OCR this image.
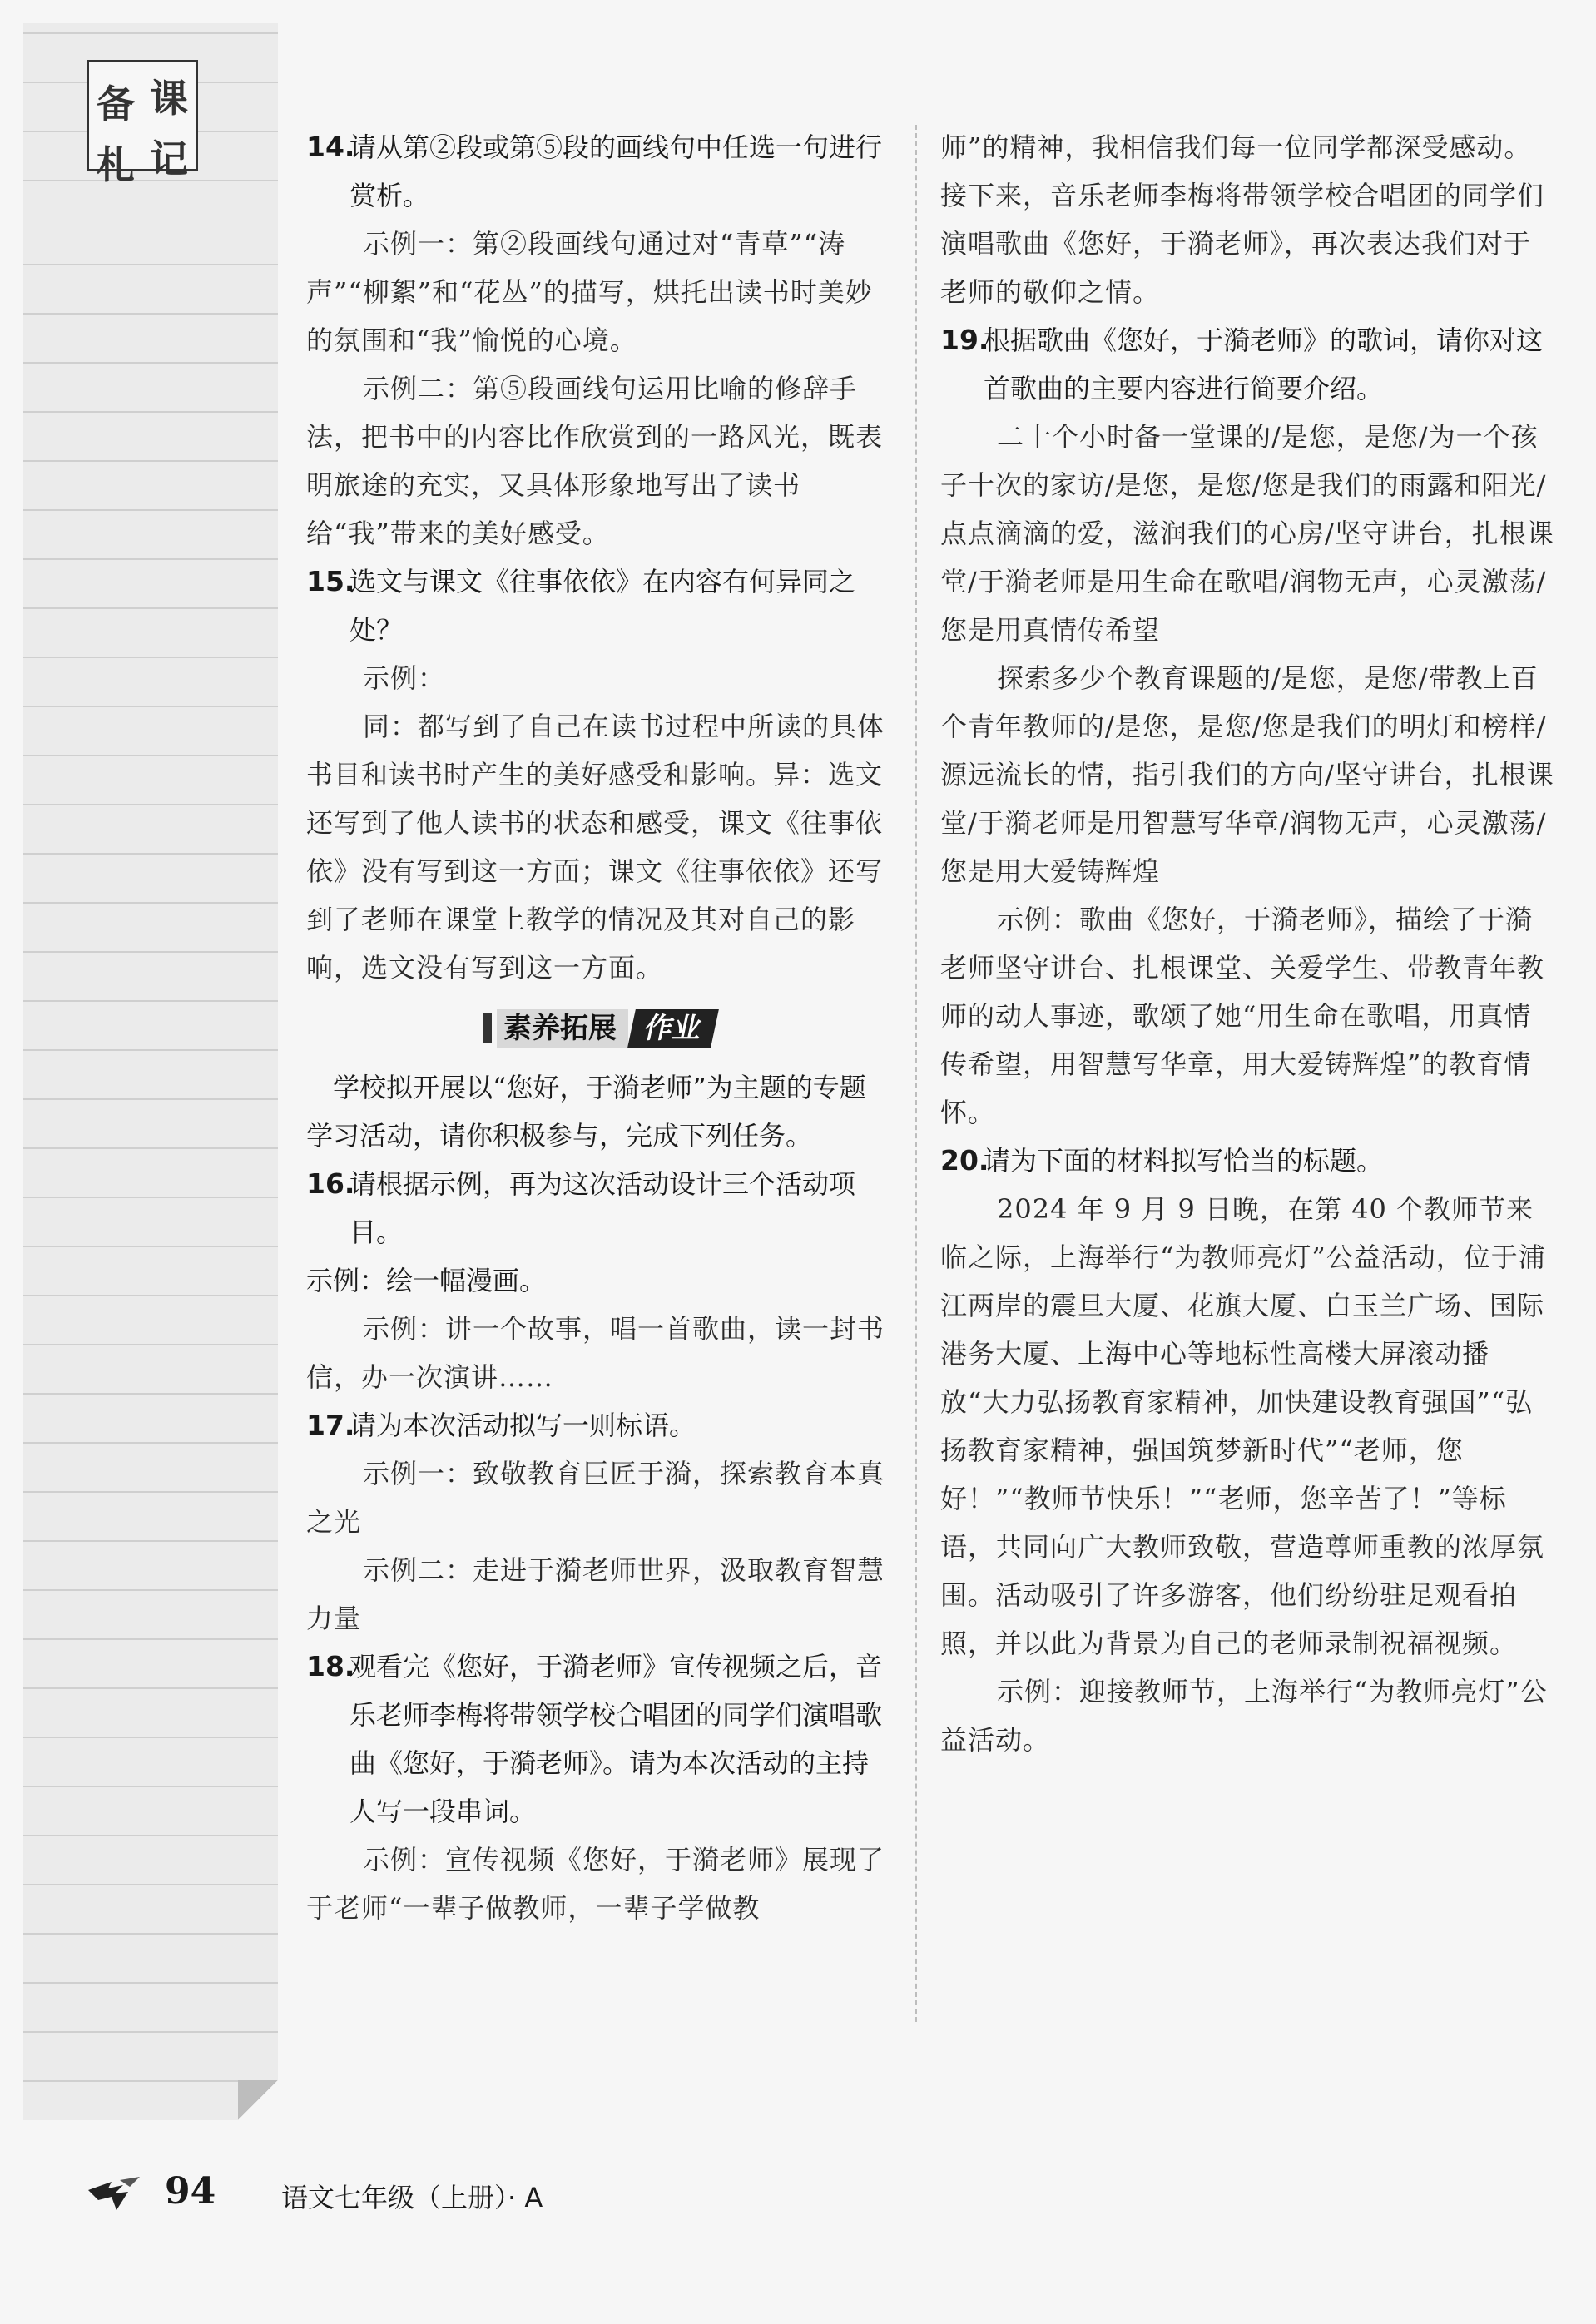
备 课
札 记	14.
请从第②段或第⑤段的画线句中任选一句进行赏析。

示例一：第②段画线句通过对“青草”“涛声”“柳絮”和“花丛”的描写，烘托出读书时美妙的氛围和“我”愉悦的心境。

示例二：第⑤段画线句运用比喻的修辞手法，把书中的内容比作欣赏到的一路风光，既表明旅途的充实，又具体形象地写出了读书给“我”带来的美好感受。

15.
选文与课文《往事依依》在内容有何异同之处？

示例：

同：都写到了自己在读书过程中所读的具体书目和读书时产生的美好感受和影响。异：选文还写到了他人读书的状态和感受，课文《往事依依》没有写到这一方面；课文《往事依依》还写到了老师在课堂上教学的情况及其对自己的影响，选文没有写到这一方面。

素养拓展 作业

学校拟开展以“您好，于漪老师”为主题的专题学习活动，请你积极参与，完成下列任务。

16.
请根据示例，再为这次活动设计三个活动项目。

示例：绘一幅漫画。

示例：讲一个故事，唱一首歌曲，读一封书信，办一次演讲……

17.
请为本次活动拟写一则标语。

示例一：致敬教育巨匠于漪，探索教育本真之光

示例二：走进于漪老师世界，汲取教育智慧力量

18.
观看完《您好，于漪老师》宣传视频之后，音乐老师李梅将带领学校合唱团的同学们演唱歌曲《您好，于漪老师》。请为本次活动的主持人写一段串词。

示例：宣传视频《您好，于漪老师》展现了于老师“一辈子做教师，一辈子学做教

师”的精神，我相信我们每一位同学都深受感动。接下来，音乐老师李梅将带领学校合唱团的同学们演唱歌曲《您好，于漪老师》，再次表达我们对于老师的敬仰之情。

19.
根据歌曲《您好，于漪老师》的歌词，请你对这首歌曲的主要内容进行简要介绍。

二十个小时备一堂课的/是您，是您/为一个孩子十次的家访/是您，是您/您是我们的雨露和阳光/点点滴滴的爱，滋润我们的心房/坚守讲台，扎根课堂/于漪老师是用生命在歌唱/润物无声，心灵激荡/您是用真情传希望

探索多少个教育课题的/是您，是您/带教上百个青年教师的/是您，是您/您是我们的明灯和榜样/源远流长的情，指引我们的方向/坚守讲台，扎根课堂/于漪老师是用智慧写华章/润物无声，心灵激荡/您是用大爱铸辉煌

示例：歌曲《您好，于漪老师》，描绘了于漪老师坚守讲台、扎根课堂、关爱学生、带教青年教师的动人事迹，歌颂了她“用生命在歌唱，用真情传希望，用智慧写华章，用大爱铸辉煌”的教育情怀。

20.
请为下面的材料拟写恰当的标题。

2024 年 9 月 9 日晚，在第 40 个教师节来临之际，上海举行“为教师亮灯”公益活动，位于浦江两岸的震旦大厦、花旗大厦、白玉兰广场、国际港务大厦、上海中心等地标性高楼大屏滚动播放“大力弘扬教育家精神，加快建设教育强国”“弘扬教育家精神，强国筑梦新时代”“老师，您好！”“教师节快乐！”“老师，您辛苦了！”等标语，共同向广大教师致敬，营造尊师重教的浓厚氛围。活动吸引了许多游客，他们纷纷驻足观看拍照，并以此为背景为自己的老师录制祝福视频。

示例：迎接教师节，上海举行“为教师亮灯”公益活动。

94 语文七年级（上册）· A
